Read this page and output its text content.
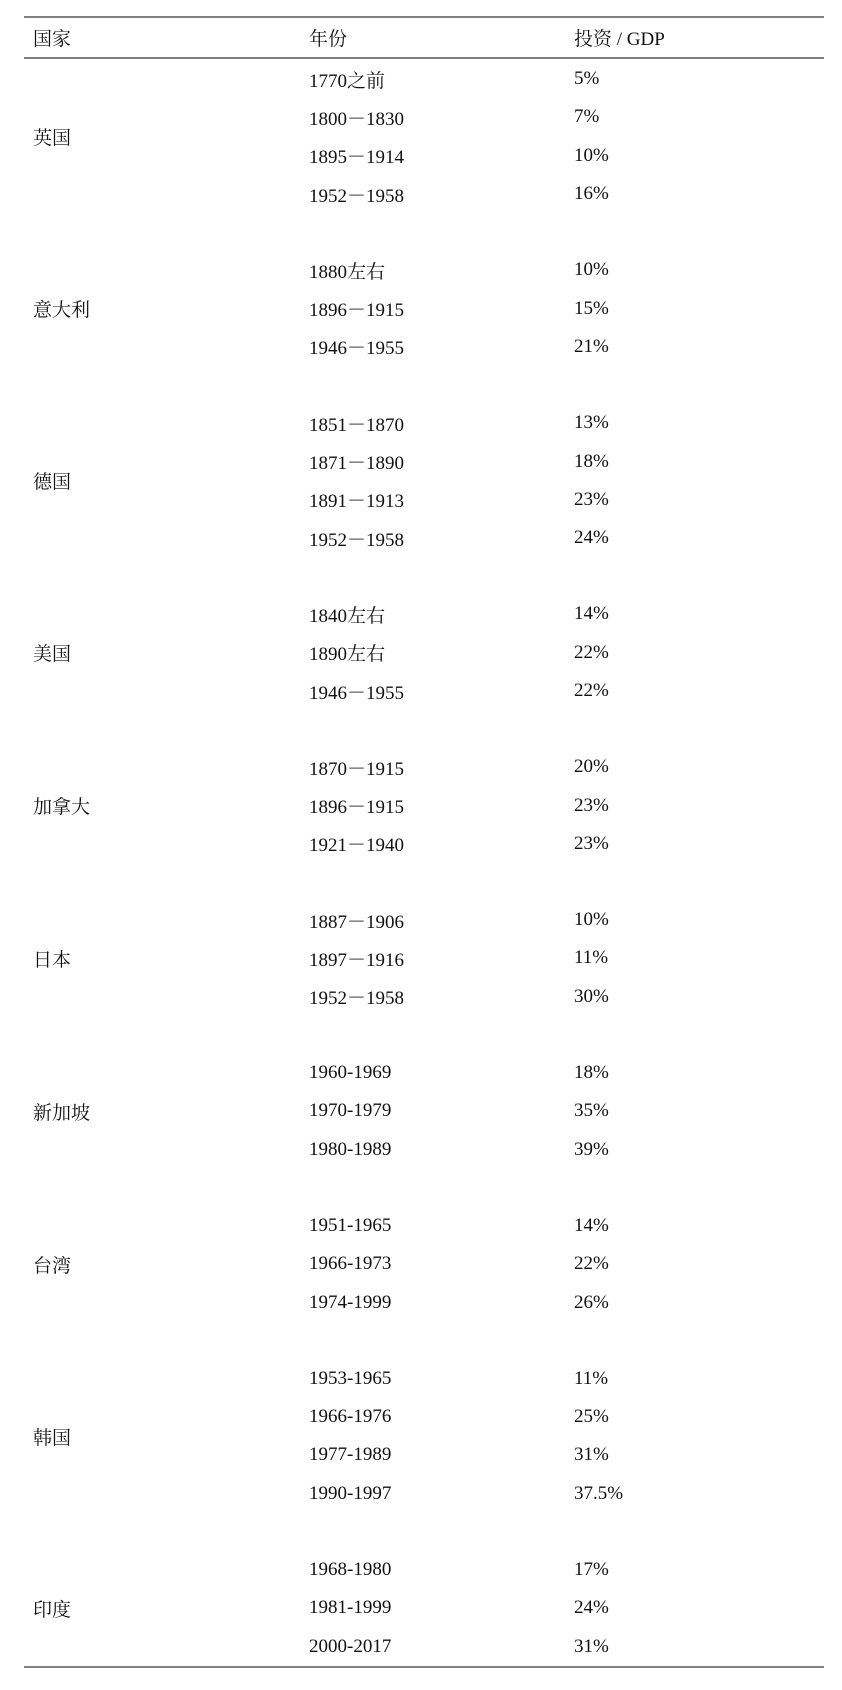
国家	年份	投资 / GDP
英国
1770之前	5%
1800－1830	7%
1895－1914	10%
1952－1958	16%
意大利
1880左右	10%
1896－1915	15%
1946－1955	21%
德国
1851－1870	13%
1871－1890	18%
1891－1913	23%
1952－1958	24%
美国
1840左右	14%
1890左右	22%
1946－1955	22%
加拿大
1870－1915	20%
1896－1915	23%
1921－1940	23%
日本
1887－1906	10%
1897－1916	11%
1952－1958	30%
新加坡
1960-1969	18%
1970-1979	35%
1980-1989	39%
台湾
1951-1965	14%
1966-1973	22%
1974-1999	26%
韩国
1953-1965	11%
1966-1976	25%
1977-1989	31%
1990-1997	37.5%
印度
1968-1980	17%
1981-1999	24%
2000-2017	31%
